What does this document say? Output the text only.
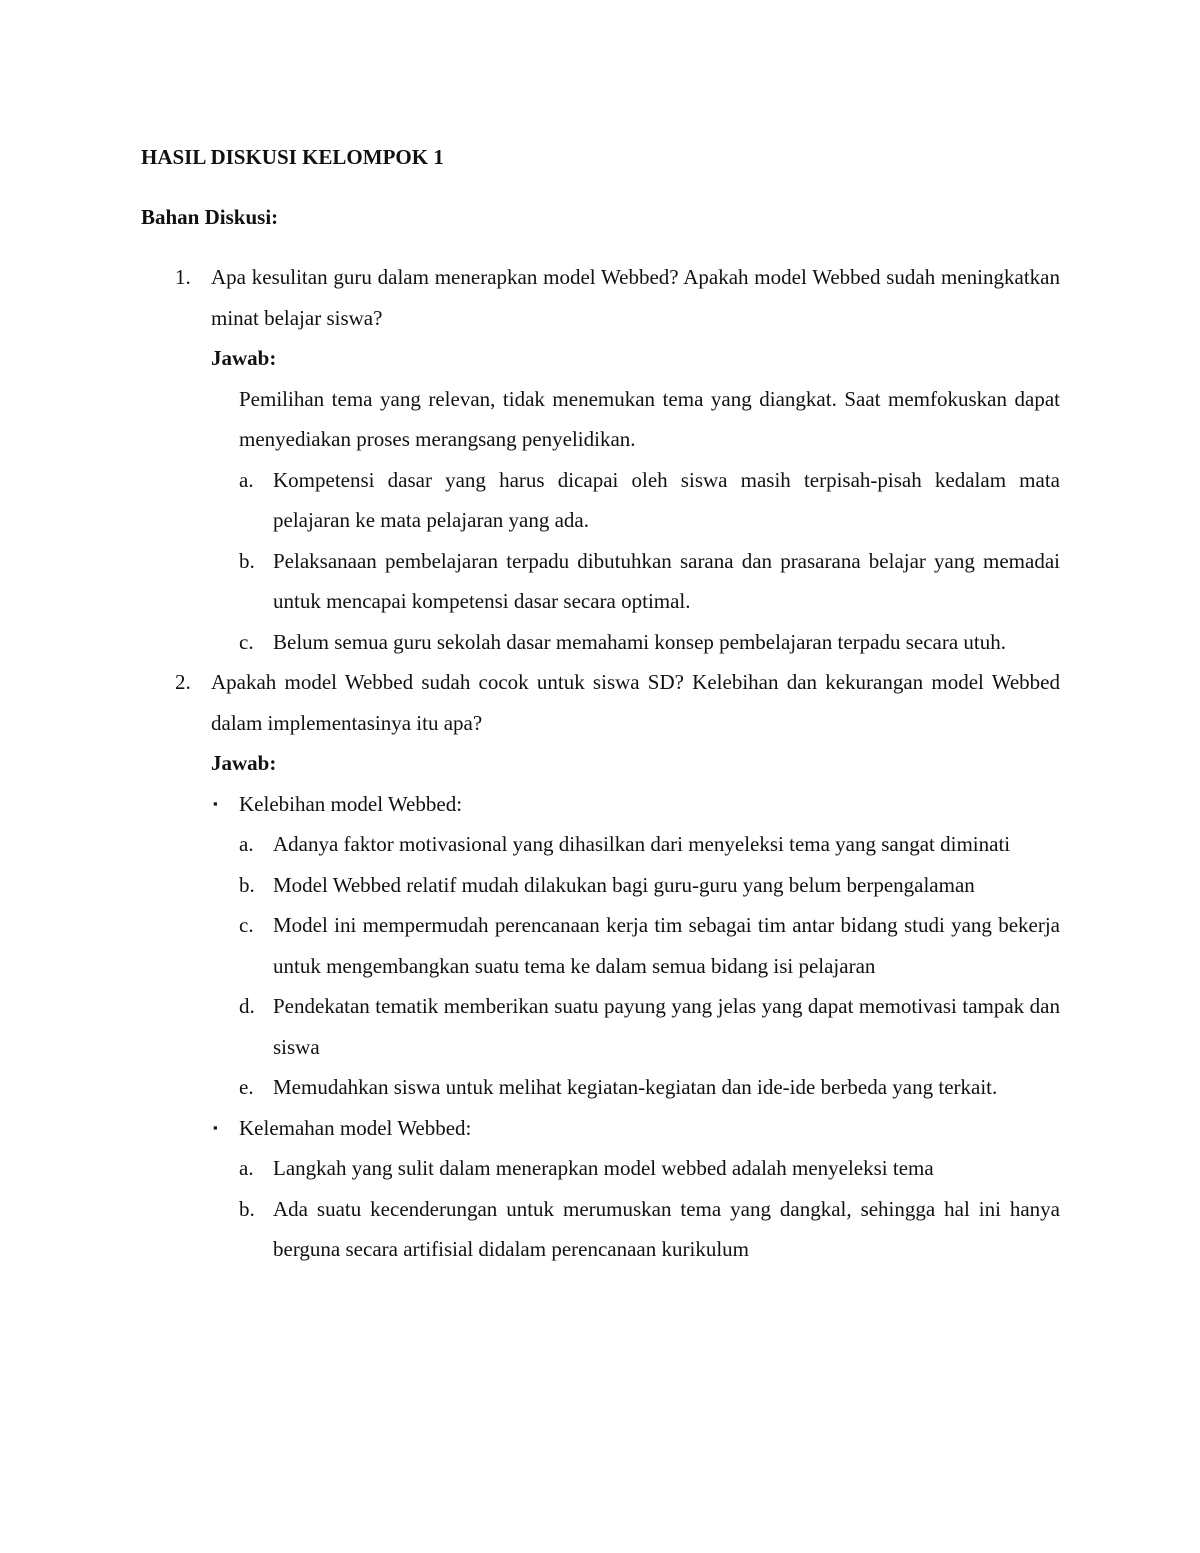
HASIL DISKUSI KELOMPOK 1
Bahan Diskusi:
1. Apa kesulitan guru dalam menerapkan model Webbed? Apakah model Webbed sudah meningkatkan minat belajar siswa?

Jawab:

Pemilihan tema yang relevan, tidak menemukan tema yang diangkat. Saat memfokuskan dapat menyediakan proses merangsang penyelidikan.

a. Kompetensi dasar yang harus dicapai oleh siswa masih terpisah-pisah kedalam mata pelajaran ke mata pelajaran yang ada.
b. Pelaksanaan pembelajaran terpadu dibutuhkan sarana dan prasarana belajar yang memadai untuk mencapai kompetensi dasar secara optimal.
c. Belum semua guru sekolah dasar memahami konsep pembelajaran terpadu secara utuh.
2. Apakah model Webbed sudah cocok untuk siswa SD? Kelebihan dan kekurangan model Webbed dalam implementasinya itu apa?

Jawab:

▪	Kelebihan model Webbed:
a. Adanya faktor motivasional yang dihasilkan dari menyeleksi tema yang sangat diminati
b. Model Webbed relatif mudah dilakukan bagi guru-guru yang belum berpengalaman
c. Model ini mempermudah perencanaan kerja tim sebagai tim antar bidang studi yang bekerja untuk mengembangkan suatu tema ke dalam semua bidang isi pelajaran
d. Pendekatan tematik memberikan suatu payung yang jelas yang dapat memotivasi tampak dan siswa
e. Memudahkan siswa untuk melihat kegiatan-kegiatan dan ide-ide berbeda yang terkait.
▪	Kelemahan model Webbed:
a. Langkah yang sulit dalam menerapkan model webbed adalah menyeleksi tema
b. Ada suatu kecenderungan untuk merumuskan tema yang dangkal, sehingga hal ini hanya berguna secara artifisial didalam perencanaan kurikulum
